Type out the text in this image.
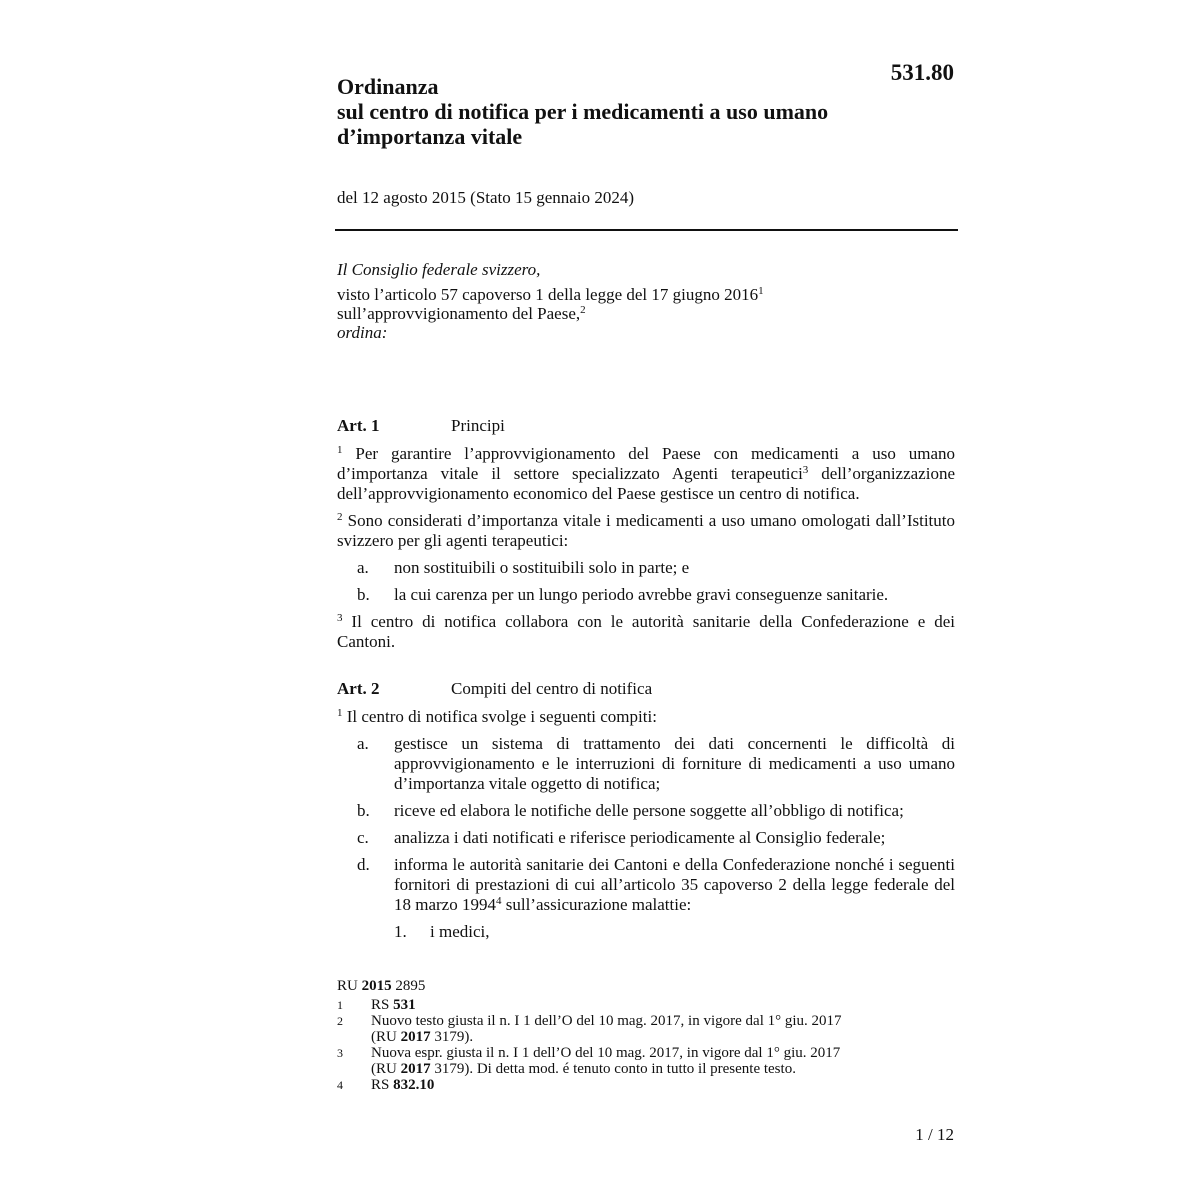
531.80
Ordinanza
sul centro di notifica per i medicamenti a uso umano
d’importanza vitale
del 12 agosto 2015 (Stato 15 gennaio 2024)
Il Consiglio federale svizzero,
visto l’articolo 57 capoverso 1 della legge del 17 giugno 2016$^1$
sull’approvvigionamento del Paese,$^2$
ordina:
Art. 1	Principi
$^1$ Per garantire l’approvvigionamento del Paese con medicamenti a uso umano d’importanza vitale il settore specializzato Agenti terapeutici$^3$ dell’organizzazione dell’approvvigionamento economico del Paese gestisce un centro di notifica.
$^2$ Sono considerati d’importanza vitale i medicamenti a uso umano omologati dall’Istituto svizzero per gli agenti terapeutici:
a.	non sostituibili o sostituibili solo in parte; e
b.	la cui carenza per un lungo periodo avrebbe gravi conseguenze sanitarie.
$^3$ Il centro di notifica collabora con le autorità sanitarie della Confederazione e dei Cantoni.
Art. 2	Compiti del centro di notifica
$^1$ Il centro di notifica svolge i seguenti compiti:
a.	gestisce un sistema di trattamento dei dati concernenti le difficoltà di approvvigionamento e le interruzioni di forniture di medicamenti a uso umano d’importanza vitale oggetto di notifica;
b.	riceve ed elabora le notifiche delle persone soggette all’obbligo di notifica;
c.	analizza i dati notificati e riferisce periodicamente al Consiglio federale;
d.	informa le autorità sanitarie dei Cantoni e della Confederazione nonché i seguenti fornitori di prestazioni di cui all’articolo 35 capoverso 2 della legge federale del 18 marzo 1994$^4$ sull’assicurazione malattie:
1.	i medici,
RU 2015 2895
1	RS 531
2	Nuovo testo giusta il n. I 1 dell’O del 10 mag. 2017, in vigore dal 1° giu. 2017
(RU 2017 3179).
3	Nuova espr. giusta il n. I 1 dell’O del 10 mag. 2017, in vigore dal 1° giu. 2017
(RU 2017 3179). Di detta mod. é tenuto conto in tutto il presente testo.
4	RS 832.10
1 / 12
